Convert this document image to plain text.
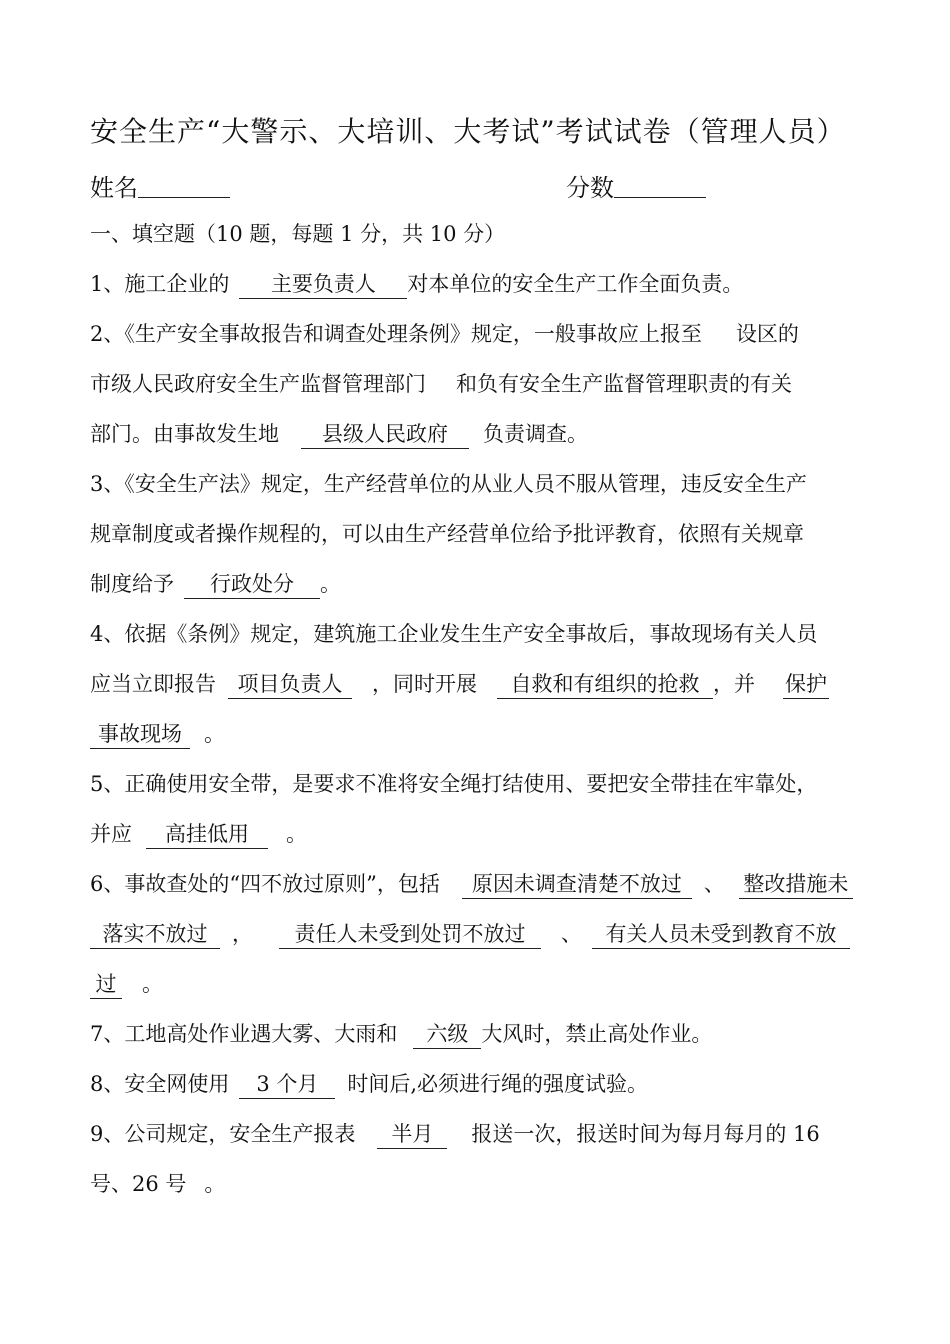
安全生产“大警示、大培训、大考试”考试试卷（管理人员）
姓名	分数
一、填空题（10 题，每题 1 分，共 10 分）
1、施工企业的 主要负责人 对本单位的安全生产工作全面负责。
2、《生产安全事故报告和调查处理条例》规定，一般事故应上报至 设区的
市级人民政府安全生产监督管理部门 和负有安全生产监督管理职责的有关
部门。由事故发生地 县级人民政府 负责调查。
3、《安全生产法》规定，生产经营单位的从业人员不服从管理，违反安全生产
规章制度或者操作规程的，可以由生产经营单位给予批评教育，依照有关规章
制度给予 行政处分 。
4、依据《条例》规定，建筑施工企业发生生产安全事故后，事故现场有关人员
应当立即报告 项目负责人 ，同时开展 自救和有组织的抢救 ，并 保护
事故现场 。
5、正确使用安全带，是要求不准将安全绳打结使用、要把安全带挂在牢靠处，
并应 高挂低用 。
6、事故查处的“四不放过原则”，包括 原因未调查清楚不放过 、 整改措施未
落实不放过 ， 责任人未受到处罚不放过 、 有关人员未受到教育不放
过 。
7、工地高处作业遇大雾、大雨和 六级 大风时，禁止高处作业。
8、安全网使用 3 个月 时间后,必须进行绳的强度试验。
9、公司规定，安全生产报表 半月 报送一次，报送时间为每月每月的 16
号、26 号 。
